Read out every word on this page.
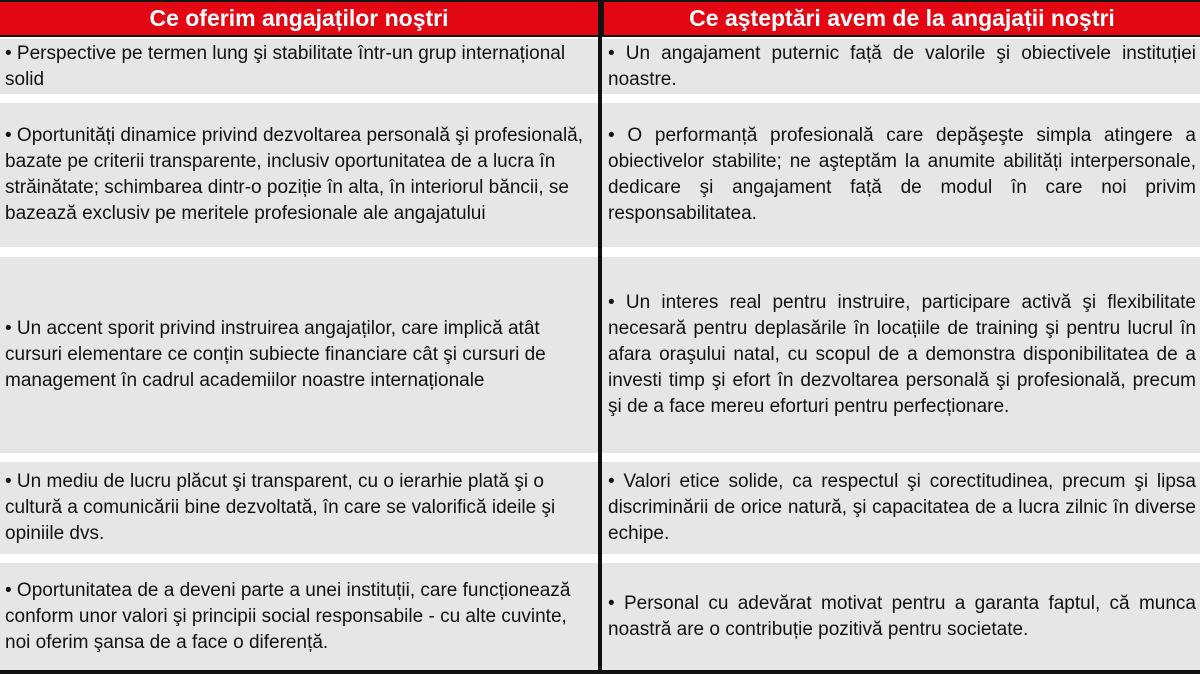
Ce oferim angajaților noştri	Ce aşteptări avem de la angajații noştri
• Perspective pe termen lung şi stabilitate într-un grup internațional solid
• Un angajament puternic față de valorile şi obiectivele instituției noastre.
• Oportunități dinamice privind dezvoltarea personală şi profesională, bazate pe criterii transparente, inclusiv oportunitatea de a lucra în străinătate; schimbarea dintr-o poziție în alta, în interiorul băncii, se bazează exclusiv pe meritele profesionale ale angajatului
• O performanță profesională care depăşeşte simpla atingere a obiectivelor stabilite; ne aşteptăm la anumite abilități interpersonale, dedicare şi angajament față de modul în care noi privim responsabilitatea.
• Un accent sporit privind instruirea angajaților, care implică atât cursuri elementare ce conțin subiecte financiare cât şi cursuri de management în cadrul academiilor noastre internaționale
• Un interes real pentru instruire, participare activă şi flexibilitate necesară pentru deplasările în locațiile de training şi pentru lucrul în afara oraşului natal, cu scopul de a demonstra disponibilitatea de a investi timp şi efort în dezvoltarea personală şi profesională, precum şi de a face mereu eforturi pentru perfecționare.
• Un mediu de lucru plăcut şi transparent, cu o ierarhie plată şi o cultură a comunicării bine dezvoltată, în care se valorifică ideile şi opiniile dvs.
• Valori etice solide, ca respectul şi corectitudinea, precum şi lipsa discriminării de orice natură, şi capacitatea de a lucra zilnic în diverse echipe.
• Oportunitatea de a deveni parte a unei instituții, care funcționează conform unor valori şi principii social responsabile - cu alte cuvinte, noi oferim şansa de a face o diferență.
• Personal cu adevărat motivat pentru a garanta faptul, că munca noastră are o contribuție pozitivă pentru societate.
